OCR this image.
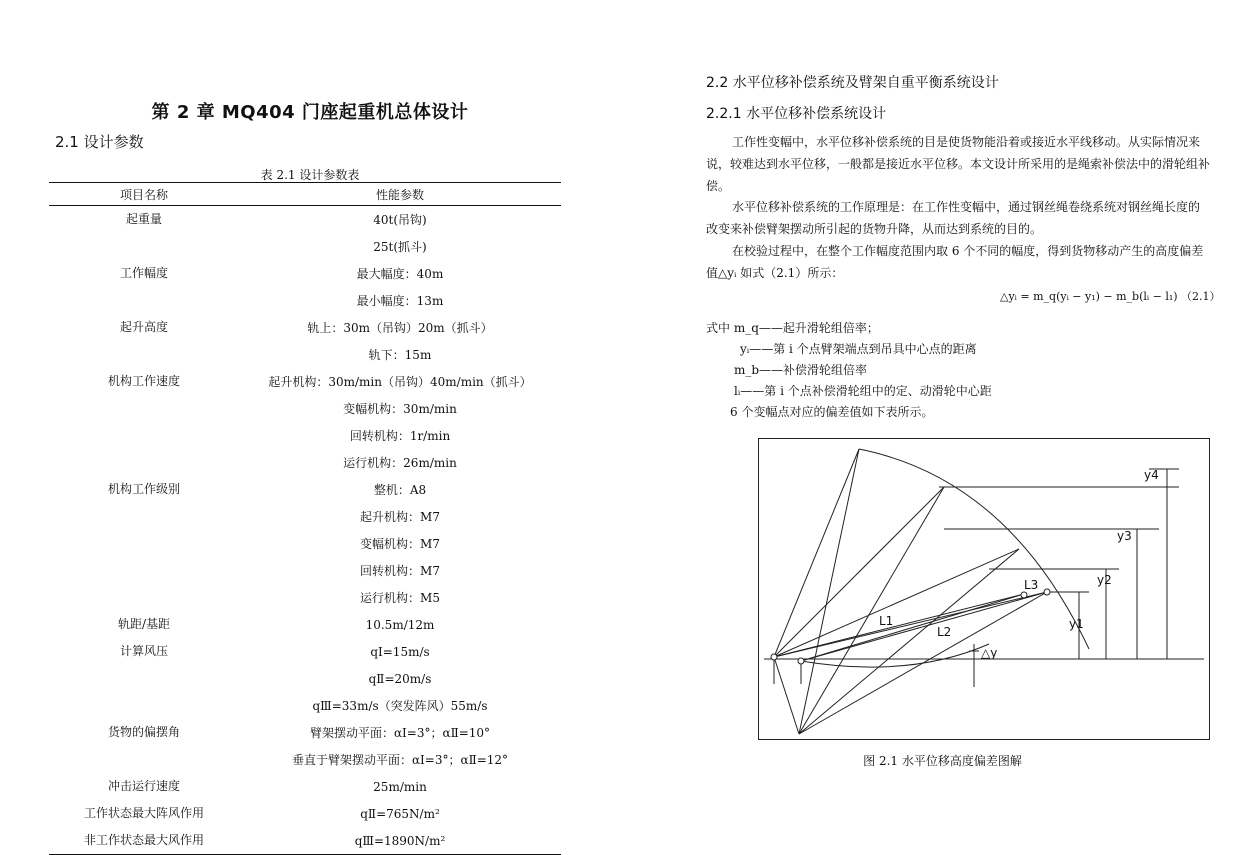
第 2 章 MQ404 门座起重机总体设计
2.1 设计参数
表 2.1 设计参数表
项目名称	性能参数
起重量	40t(吊钩)
	25t(抓斗)
工作幅度	最大幅度：40m
	最小幅度：13m
起升高度	轨上：30m（吊钩）20m（抓斗）
	轨下：15m
机构工作速度	起升机构：30m/min（吊钩）40m/min（抓斗）
	变幅机构：30m/min
	回转机构：1r/min
	运行机构：26m/min
机构工作级别	整机：A8
	起升机构：M7
	变幅机构：M7
	回转机构：M7
	运行机构：M5
轨距/基距	10.5m/12m
计算风压	qⅠ=15m/s
	qⅡ=20m/s
	qⅢ=33m/s（突发阵风）55m/s
货物的偏摆角	臂架摆动平面：αⅠ=3°；αⅡ=10°
	垂直于臂架摆动平面：αⅠ=3°；αⅡ=12°
冲击运行速度	25m/min
工作状态最大阵风作用	qⅡ=765N/m²
非工作状态最大风作用	qⅢ=1890N/m²
2.2 水平位移补偿系统及臂架自重平衡系统设计
2.2.1 水平位移补偿系统设计
工作性变幅中，水平位移补偿系统的目是使货物能沿着或接近水平线移动。从实际情况来说，较难达到水平位移，一般都是接近水平位移。本文设计所采用的是绳索补偿法中的滑轮组补偿。
水平位移补偿系统的工作原理是：在工作性变幅中，通过钢丝绳卷绕系统对钢丝绳长度的改变来补偿臂架摆动所引起的货物升降，从而达到系统的目的。
在校验过程中，在整个工作幅度范围内取 6 个不同的幅度，得到货物移动产生的高度偏差值△yᵢ 如式（2.1）所示：
△yᵢ = m_q(yᵢ − y₁) − m_b(lᵢ − l₁) （2.1）
式中 m_q——起升滑轮组倍率；
yᵢ——第 i 个点臂架端点到吊具中心点的距离
m_b——补偿滑轮组倍率
lᵢ——第 i 个点补偿滑轮组中的定、动滑轮中心距
6 个变幅点对应的偏差值如下表所示。
y4
y3
y2
y1
L1
L2
L3
△y
图 2.1 水平位移高度偏差图解
